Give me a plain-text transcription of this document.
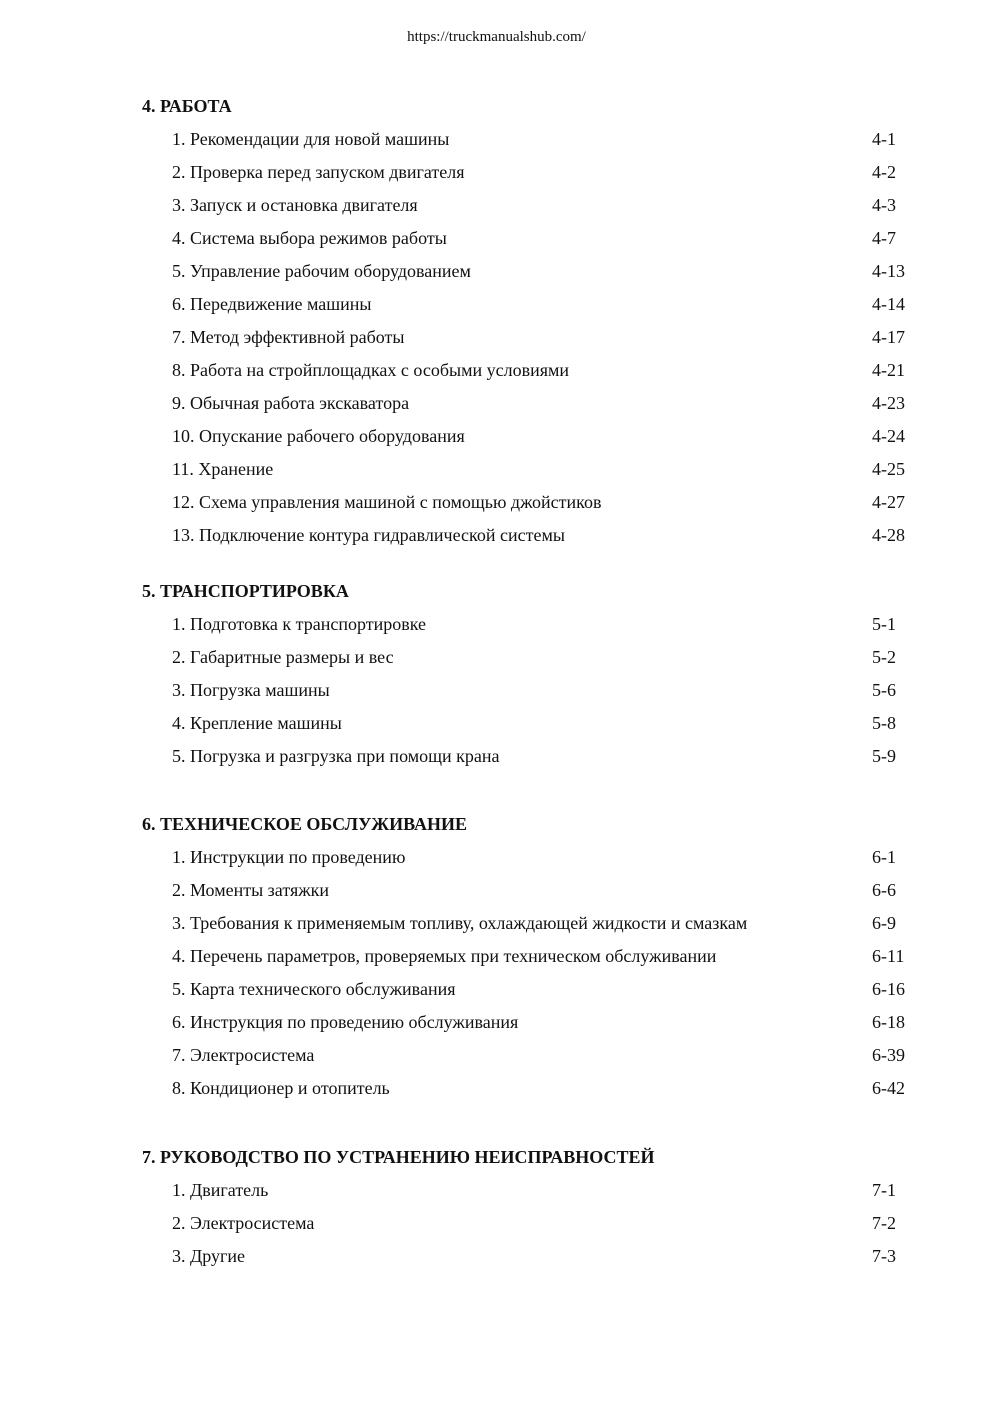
https://truckmanualshub.com/
4. РАБОТА
1. Рекомендации для новой машины	4-1
2. Проверка перед запуском двигателя	4-2
3. Запуск и остановка двигателя	4-3
4. Система выбора режимов работы	4-7
5. Управление рабочим оборудованием	4-13
6. Передвижение машины	4-14
7. Метод эффективной работы	4-17
8. Работа на стройплощадках с особыми условиями	4-21
9. Обычная работа экскаватора	4-23
10. Опускание рабочего оборудования	4-24
11. Хранение	4-25
12. Схема управления машиной с помощью джойстиков	4-27
13. Подключение контура гидравлической системы	4-28
5. ТРАНСПОРТИРОВКА
1. Подготовка к транспортировке	5-1
2. Габаритные размеры и вес	5-2
3. Погрузка машины	5-6
4. Крепление машины	5-8
5. Погрузка и разгрузка при помощи крана	5-9
6. ТЕХНИЧЕСКОЕ ОБСЛУЖИВАНИЕ
1. Инструкции по проведению	6-1
2. Моменты затяжки	6-6
3. Требования к применяемым топливу, охлаждающей жидкости и смазкам	6-9
4. Перечень параметров, проверяемых при техническом обслуживании	6-11
5. Карта технического обслуживания	6-16
6. Инструкция по проведению обслуживания	6-18
7. Электросистема	6-39
8. Кондиционер и отопитель	6-42
7. РУКОВОДСТВО ПО УСТРАНЕНИЮ НЕИСПРАВНОСТЕЙ
1. Двигатель	7-1
2. Электросистема	7-2
3. Другие	7-3
